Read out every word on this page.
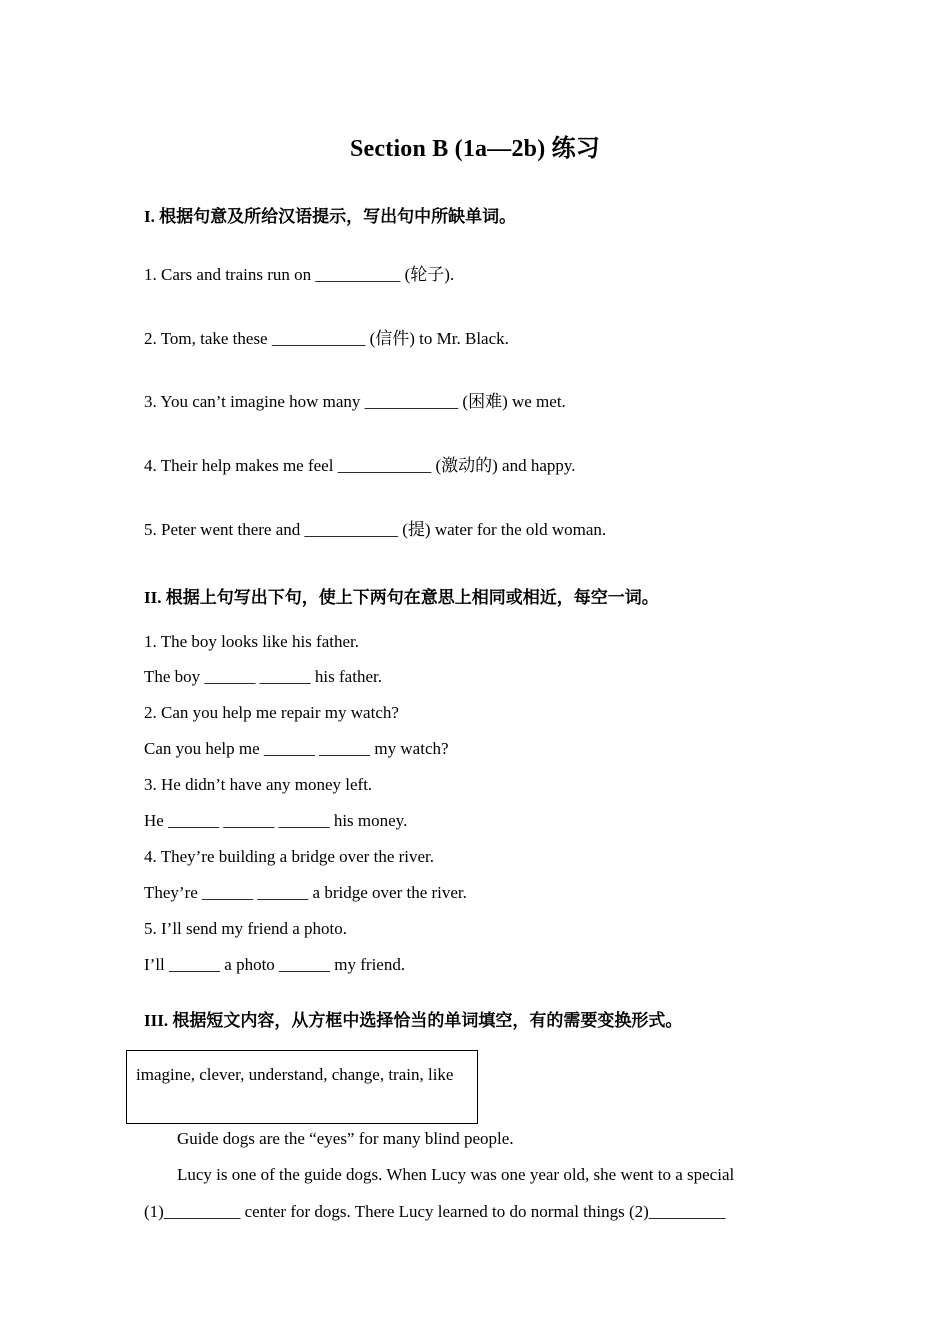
Section B (1a—2b) 练习
I. 根据句意及所给汉语提示，写出句中所缺单词。
1. Cars and trains run on __________ (轮子).
2. Tom, take these ___________ (信件) to Mr. Black.
3. You can’t imagine how many ___________ (困难) we met.
4. Their help makes me feel ___________ (激动的) and happy.
5. Peter went there and ___________ (提) water for the old woman.
II. 根据上句写出下句，使上下两句在意思上相同或相近，每空一词。
1. The boy looks like his father.
The boy ______ ______ his father.
2. Can you help me repair my watch?
Can you help me ______ ______ my watch?
3. He didn’t have any money left.
He ______ ______ ______ his money.
4. They’re building a bridge over the river.
They’re ______ ______ a bridge over the river.
5. I’ll send my friend a photo.
I’ll ______ a photo ______ my friend.
III. 根据短文内容，从方框中选择恰当的单词填空，有的需要变换形式。
imagine, clever, understand, change, train, like
Guide dogs are the “eyes” for many blind people.
Lucy is one of the guide dogs. When Lucy was one year old, she went to a special
(1)_________ center for dogs. There Lucy learned to do normal things (2)_________
